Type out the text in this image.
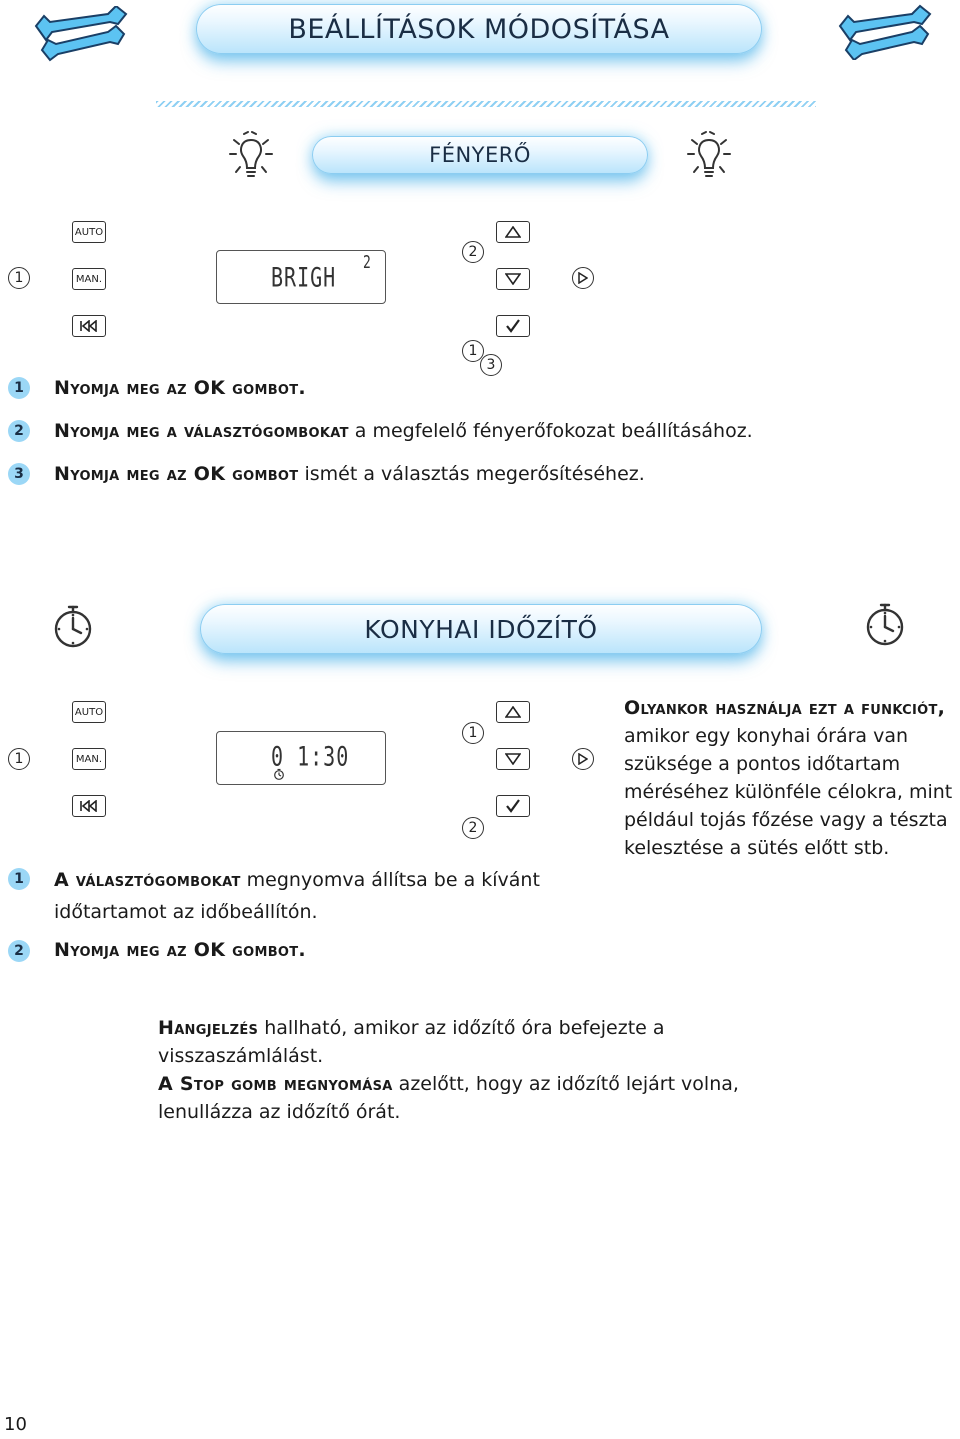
BEÁLLÍTÁSOK MÓDOSÍTÁSA
FÉNYERŐ
AUTO
1	MAN.	BRIGH 2
2
1
3
1	Nyomja meg az OK gombot.
2	Nyomja meg a választógombokat a megfelelő fényerőfokozat beállításához.
3	Nyomja meg az OK gombot ismét a választás megerősítéséhez.
KONYHAI IDŐZÍTŐ
AUTO
1	MAN.	0 1:30
1
2
Olyankor használja ezt a funkciót,
amikor egy konyhai órára van szüksége a pontos időtartam méréséhez különféle célokra, mint például tojás főzése vagy a tészta kelesztése a sütés előtt stb.
1	A választógombokat megnyomva állítsa be a kívánt időtartamot az időbeállítón.
2	Nyomja meg az OK gombot.
Hangjelzés hallható, amikor az időzítő óra befejezte a visszaszámlálást.
A Stop gomb megnyomása azelőtt, hogy az időzítő lejárt volna, lenullázza az időzítő órát.
10
